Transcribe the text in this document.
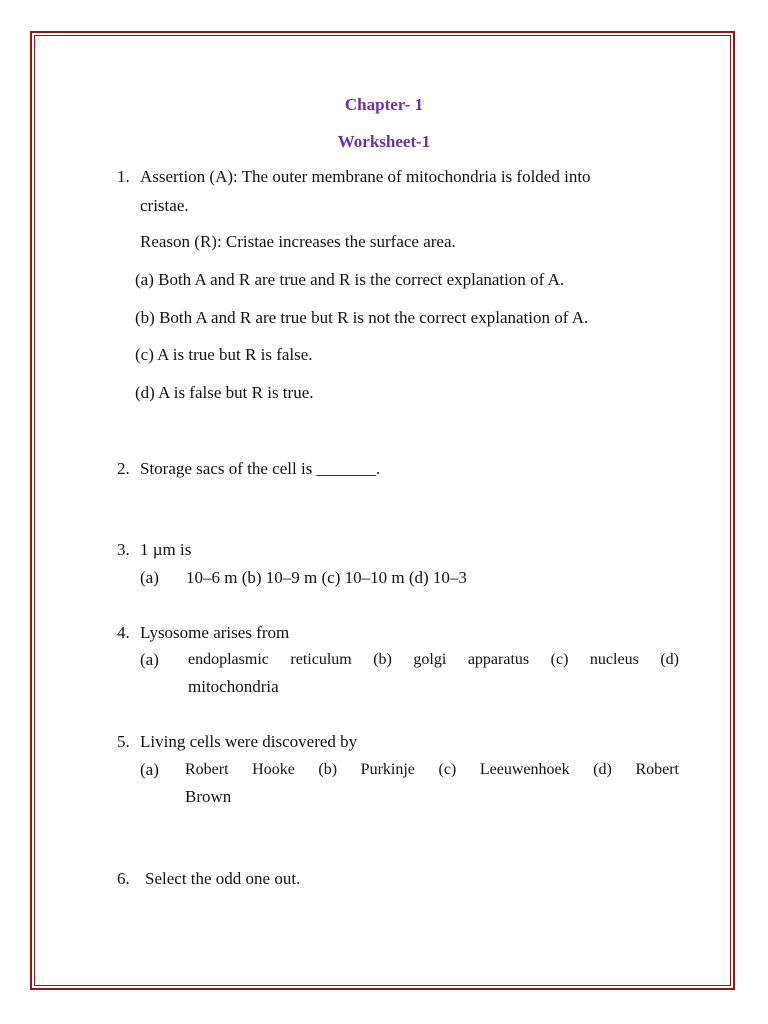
Chapter- 1
Worksheet-1
1. Assertion (A): The outer membrane of mitochondria is folded into
cristae.
Reason (R): Cristae increases the surface area.
(a) Both A and R are true and R is the correct explanation of A.
(b) Both A and R are true but R is not the correct explanation of A.
(c) A is true but R is false.
(d) A is false but R is true.
2. Storage sacs of the cell is _______.
3. 1 µm is
(a) 10–6 m (b) 10–9 m (c) 10–10 m (d) 10–3
4. Lysosome arises from
(a) endoplasmic reticulum (b) golgi apparatus (c) nucleus (d)
mitochondria
5. Living cells were discovered by
(a) Robert Hooke (b) Purkinje (c) Leeuwenhoek (d) Robert
Brown
6. Select the odd one out.
